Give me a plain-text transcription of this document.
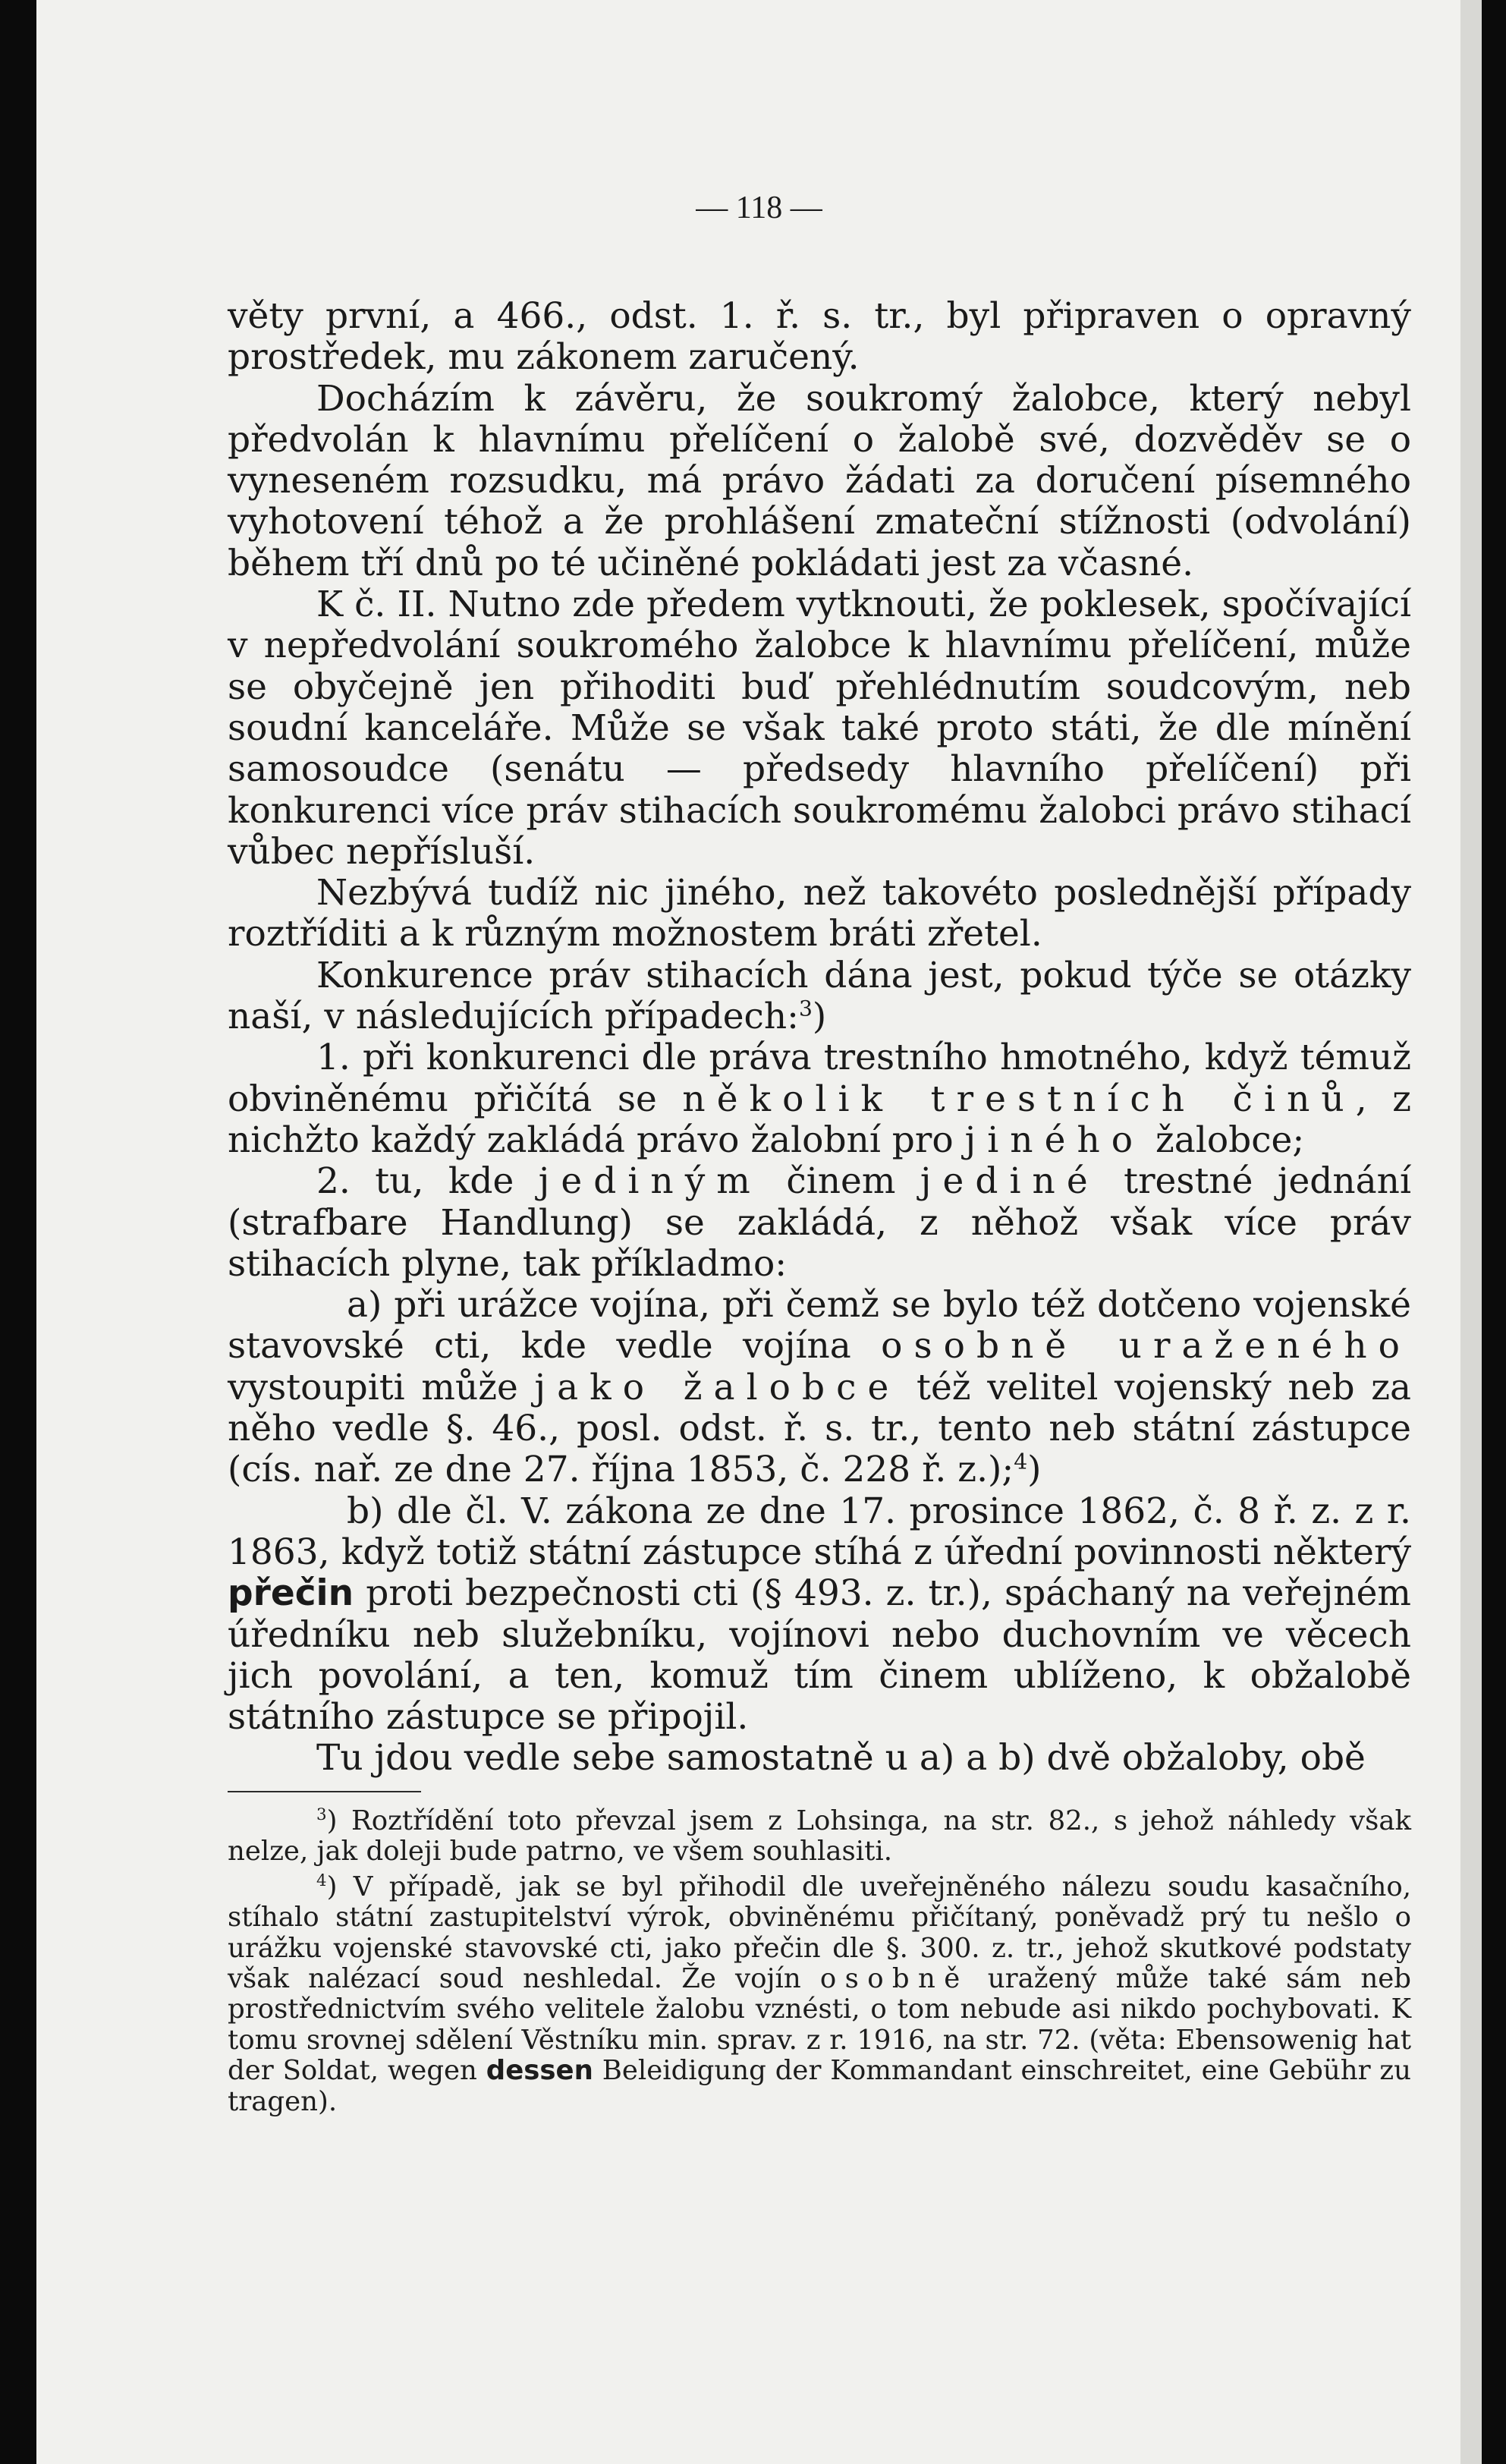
— 118 —

věty první, a 466., odst. 1. ř. s. tr., byl připraven o opravný prostředek, mu zákonem zaručený.

Docházím k závěru, že soukromý žalobce, který nebyl předvolán k hlavnímu přelíčení o žalobě své, dozvěděv se o vyneseném rozsudku, má právo žádati za doručení písemného vyhotovení téhož a že prohlášení zmateční stížnosti (odvolání) během tří dnů po té učiněné pokládati jest za včasné.

K č. II. Nutno zde předem vytknouti, že poklesek, spočívající v nepředvolání soukromého žalobce k hlavnímu přelíčení, může se obyčejně jen přihoditi buď přehlédnutím soudcovým, neb soudní kanceláře. Může se však také proto státi, že dle mínění samosoudce (senátu — předsedy hlavního přelíčení) při konkurenci více práv stihacích soukromému žalobci právo stihací vůbec nepřísluší.

Nezbývá tudíž nic jiného, než takovéto poslednější případy roztříditi a k různým možnostem bráti zřetel.

Konkurence práv stihacích dána jest, pokud týče se otázky naší, v následujících případech:$^3$)

1. při konkurenci dle práva trestního hmotného, když témuž obviněnému přičítá se několik trestních činů, z nichžto každý zakládá právo žalobní pro jiného žalobce;

2. tu, kde jediným činem jediné trestné jednání (strafbare Handlung) se zakládá, z něhož však více práv stihacích plyne, tak příkladmo:

a) při urážce vojína, při čemž se bylo též dotčeno vojenské stavovské cti, kde vedle vojína osobně uraženého vystoupiti může jako žalobce též velitel vojenský neb za něho vedle §. 46., posl. odst. ř. s. tr., tento neb státní zástupce (cís. nař. ze dne 27. října 1853, č. 228 ř. z.);$^4$)

b) dle čl. V. zákona ze dne 17. prosince 1862, č. 8 ř. z. z r. 1863, když totiž státní zástupce stíhá z úřední povinnosti některý přečin proti bezpečnosti cti (§ 493. z. tr.), spáchaný na veřejném úředníku neb služebníku, vojínovi nebo duchovním ve věcech jich povolání, a ten, komuž tím činem ublíženo, k obžalobě státního zástupce se připojil.

Tu jdou vedle sebe samostatně u a) a b) dvě obžaloby, obě

$^3$) Roztřídění toto převzal jsem z Lohsinga, na str. 82., s jehož náhledy však nelze, jak doleji bude patrno, ve všem souhlasiti.

$^4$) V případě, jak se byl přihodil dle uveřejněného nálezu soudu kasačního, stíhalo státní zastupitelství výrok, obviněnému přičítaný, poněvadž prý tu nešlo o urážku vojenské stavovské cti, jako přečin dle §. 300. z. tr., jehož skutkové podstaty však nalézací soud neshledal. Že vojín osobně uražený může také sám neb prostřednictvím svého velitele žalobu vznésti, o tom nebude asi nikdo pochybovati. K tomu srovnej sdělení Věstníku min. sprav. z r. 1916, na str. 72. (věta: Ebensowenig hat der Soldat, wegen dessen Beleidigung der Kommandant einschreitet, eine Gebühr zu tragen).
